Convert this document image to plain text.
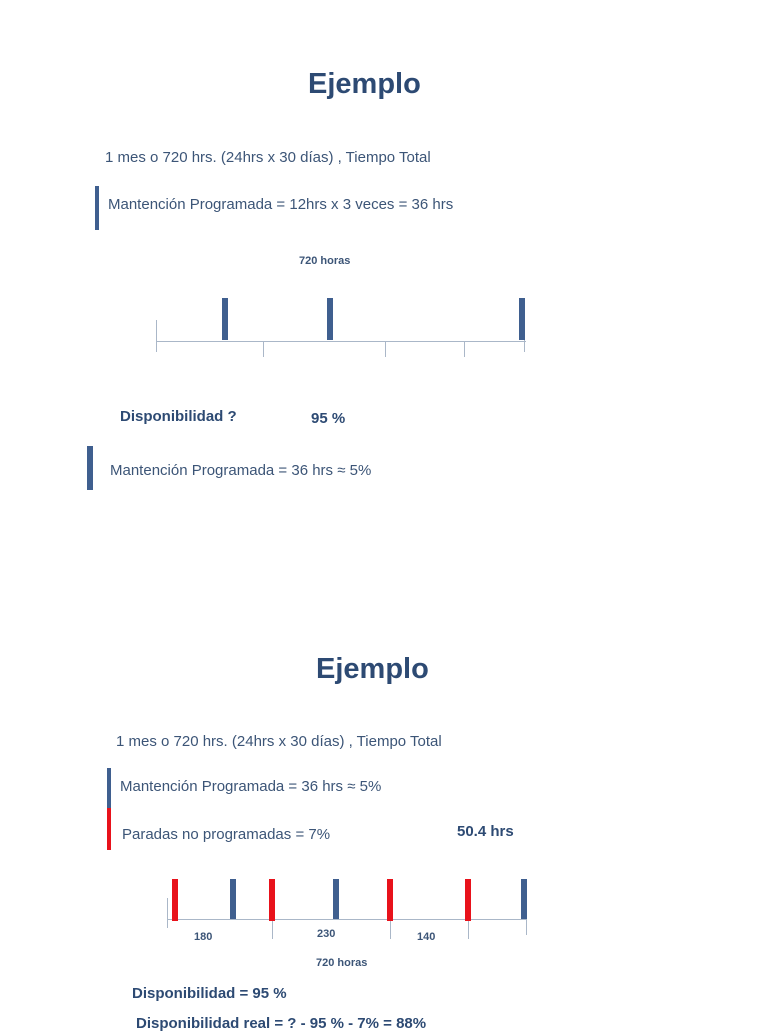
Ejemplo
1 mes o 720 hrs. (24hrs x 30 días) , Tiempo Total
Mantención Programada = 12hrs x 3 veces = 36 hrs
720 horas
Disponibilidad ?	95 %
Mantención Programada = 36 hrs ≈ 5%
Ejemplo
1 mes o 720 hrs. (24hrs x 30 días) , Tiempo Total
Mantención Programada = 36 hrs ≈ 5%
Paradas no programadas = 7%	50.4 hrs
180	230	140
720 horas
Disponibilidad = 95 %
Disponibilidad real = ? - 95 % - 7% = 88%
